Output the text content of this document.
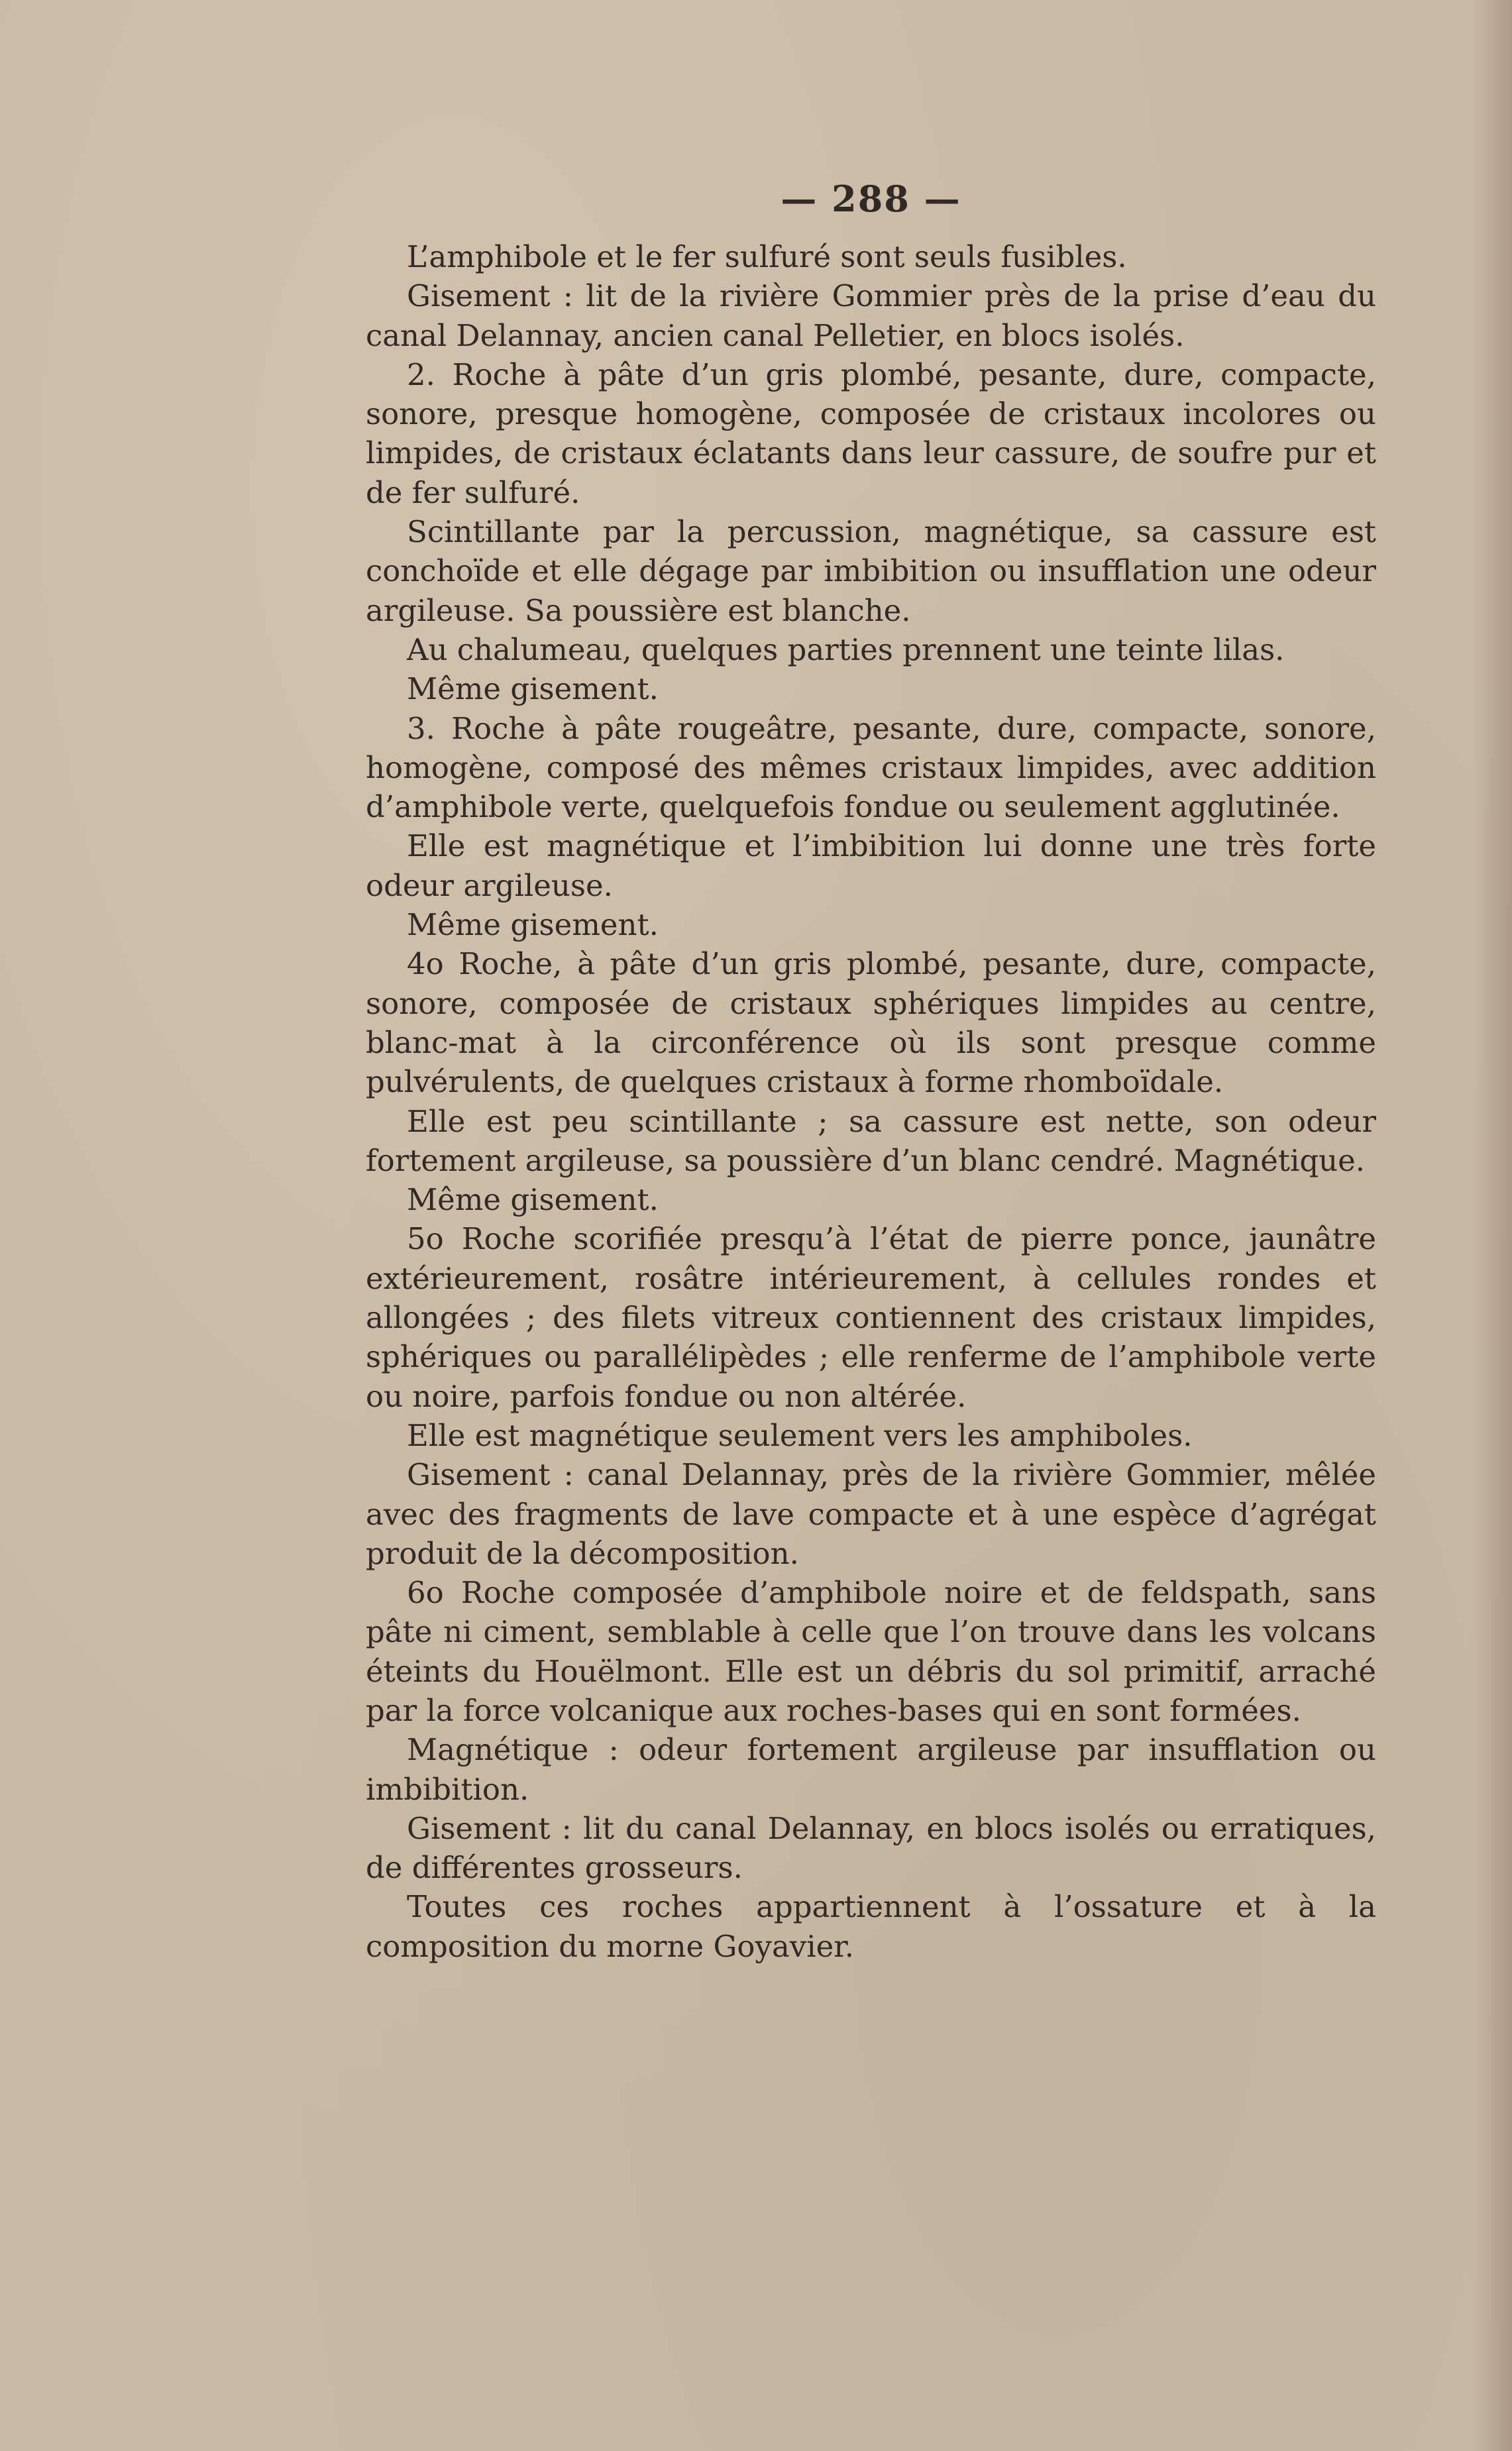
— 288 —

L’amphibole et le fer sulfuré sont seuls fusibles.

Gisement : lit de la rivière Gommier près de la prise d’eau du canal Delannay, ancien canal Pelletier, en blocs isolés.

2. Roche à pâte d’un gris plombé, pesante, dure, compacte, sonore, presque homogène, composée de cristaux incolores ou limpides, de cristaux éclatants dans leur cassure, de soufre pur et de fer sulfuré.

Scintillante par la percussion, magnétique, sa cassure est conchoïde et elle dégage par imbibition ou insufflation une odeur argileuse. Sa poussière est blanche.

Au chalumeau, quelques parties prennent une teinte lilas.

Même gisement.

3. Roche à pâte rougeâtre, pesante, dure, compacte, sonore, homogène, composé des mêmes cristaux limpides, avec addition d’amphibole verte, quelquefois fondue ou seulement agglutinée.

Elle est magnétique et l’imbibition lui donne une très forte odeur argileuse.

Même gisement.

4o Roche, à pâte d’un gris plombé, pesante, dure, compacte, sonore, composée de cristaux sphériques limpides au centre, blanc-mat à la circonférence où ils sont presque comme pulvérulents, de quelques cristaux à forme rhomboïdale.

Elle est peu scintillante ; sa cassure est nette, son odeur fortement argileuse, sa poussière d’un blanc cendré. Magnétique.

Même gisement.

5o Roche scorifiée presqu’à l’état de pierre ponce, jaunâtre extérieurement, rosâtre intérieurement, à cellules rondes et allongées ; des filets vitreux contiennent des cristaux limpides, sphériques ou parallélipèdes ; elle renferme de l’amphibole verte ou noire, parfois fondue ou non altérée.

Elle est magnétique seulement vers les amphiboles.

Gisement : canal Delannay, près de la rivière Gommier, mêlée avec des fragments de lave compacte et à une espèce d’agrégat produit de la décomposition.

6o Roche composée d’amphibole noire et de feldspath, sans pâte ni ciment, semblable à celle que l’on trouve dans les volcans éteints du Houëlmont. Elle est un débris du sol primitif, arraché par la force volcanique aux roches-bases qui en sont formées.

Magnétique : odeur fortement argileuse par insufflation ou imbibition.

Gisement : lit du canal Delannay, en blocs isolés ou erratiques, de différentes grosseurs.

Toutes ces roches appartiennent à l’ossature et à la composition du morne Goyavier.
